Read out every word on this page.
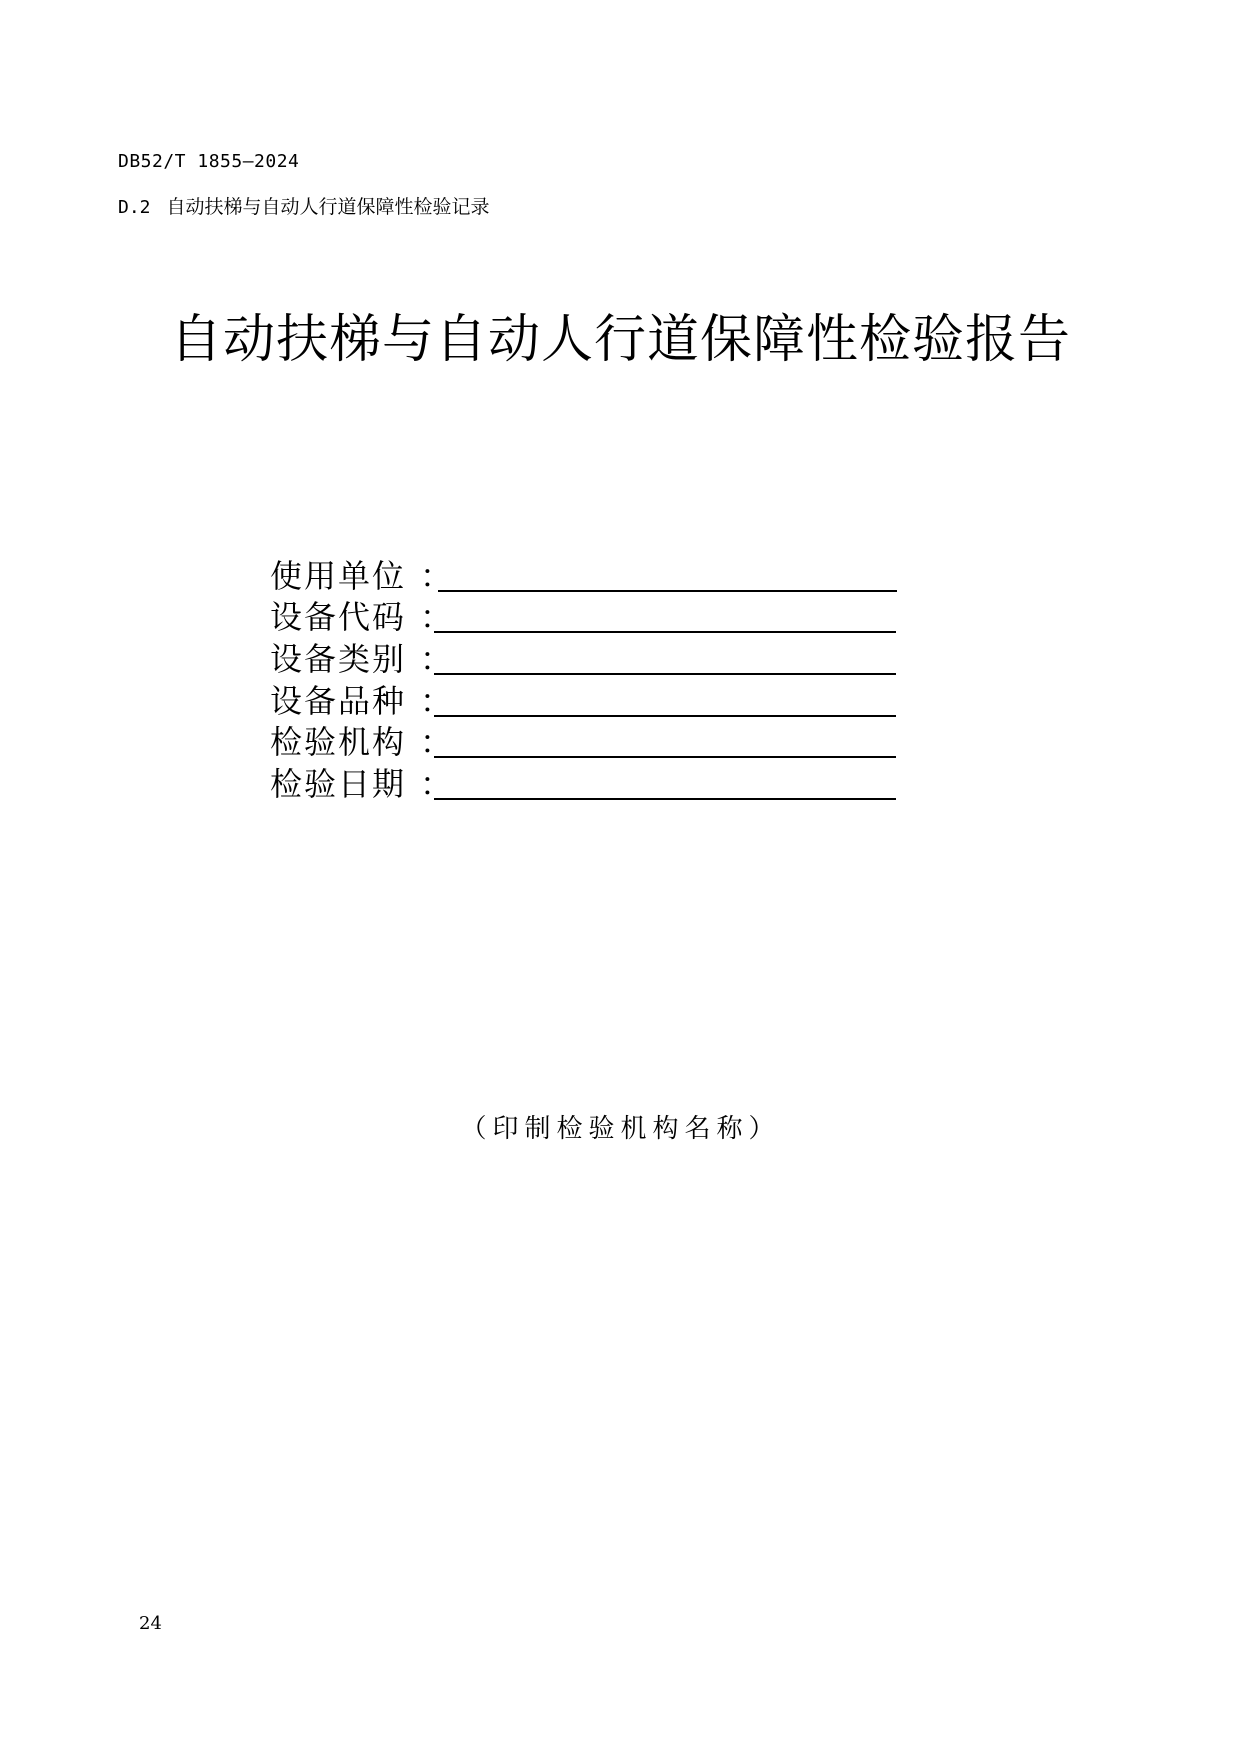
DB52/T 1855—2024
D.2 自动扶梯与自动人行道保障性检验记录
自动扶梯与自动人行道保障性检验报告
使用单位 ：
设备代码 ：
设备类别 ：
设备品种 ：
检验机构 ：
检验日期 ：
（印制检验机构名称）
24
